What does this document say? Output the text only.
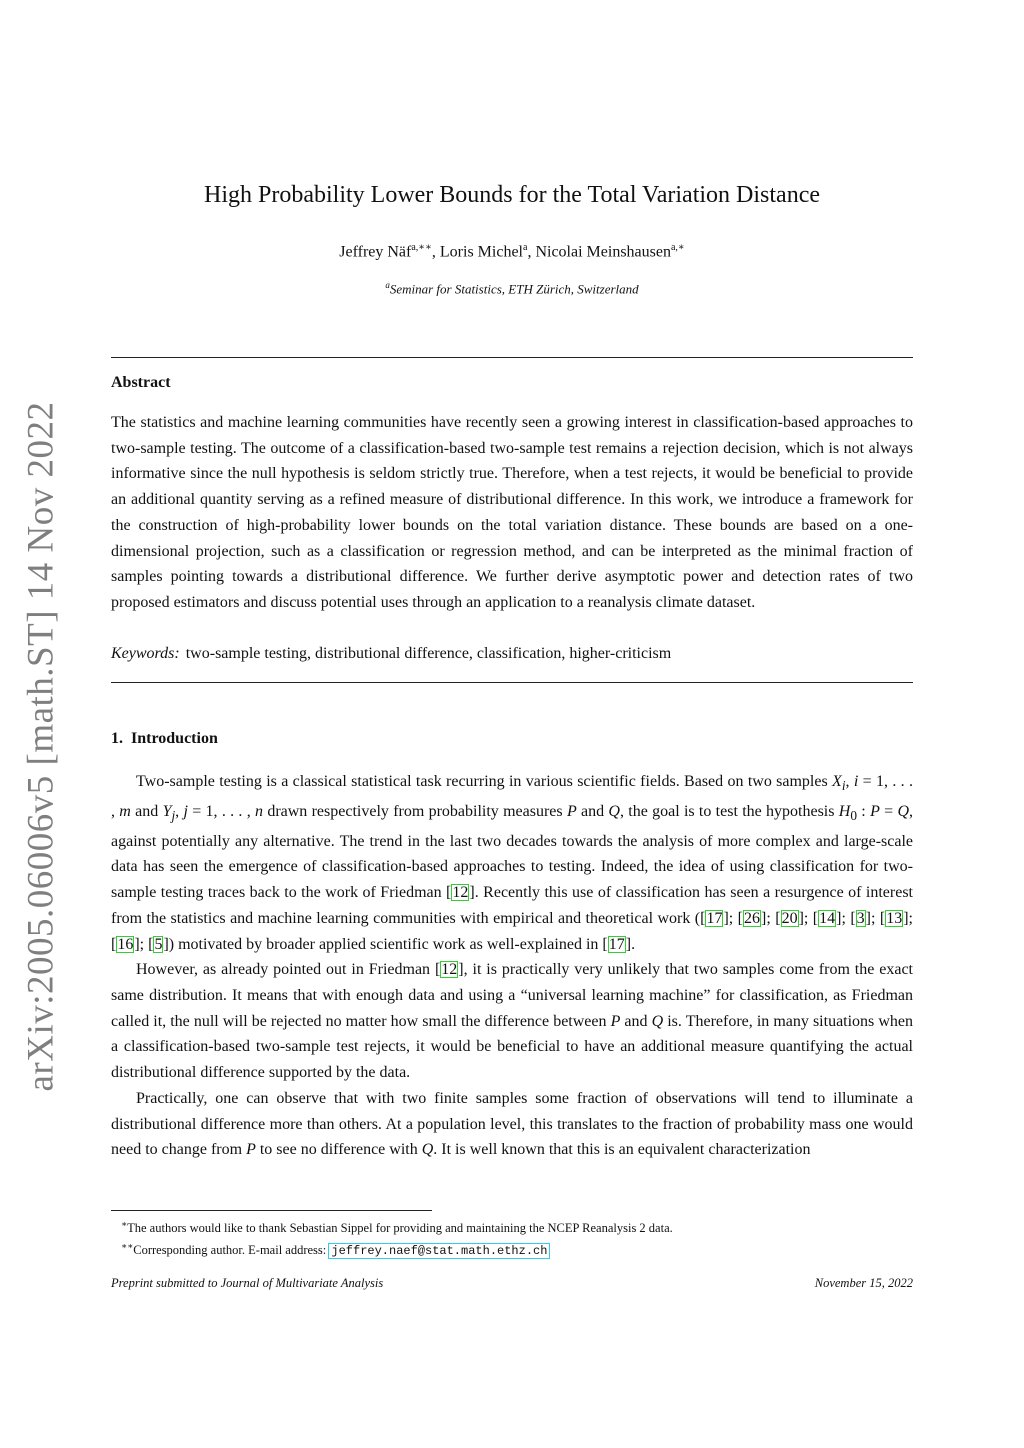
arXiv:2005.06006v5 [math.ST] 14 Nov 2022
High Probability Lower Bounds for the Total Variation Distance
Jeffrey Näf$^{a,∗∗}$, Loris Michel$^a$, Nicolai Meinshausen$^{a,∗}$
$^a$Seminar for Statistics, ETH Zürich, Switzerland
Abstract

The statistics and machine learning communities have recently seen a growing interest in classification-based approaches to two-sample testing. The outcome of a classification-based two-sample test remains a rejection decision, which is not always informative since the null hypothesis is seldom strictly true. Therefore, when a test rejects, it would be beneficial to provide an additional quantity serving as a refined measure of distributional difference. In this work, we introduce a framework for the construction of high-probability lower bounds on the total variation distance. These bounds are based on a one-dimensional projection, such as a classification or regression method, and can be interpreted as the minimal fraction of samples pointing towards a distributional difference. We further derive asymptotic power and detection rates of two proposed estimators and discuss potential uses through an application to a reanalysis climate dataset.

Keywords: two-sample testing, distributional difference, classification, higher-criticism
1. Introduction

Two-sample testing is a classical statistical task recurring in various scientific fields. Based on two samples $X_i$, i = 1, . . . , m and $Y_j$, j = 1, . . . , n drawn respectively from probability measures P and Q, the goal is to test the hypothesis $H_0$ : P = Q, against potentially any alternative. The trend in the last two decades towards the analysis of more complex and large-scale data has seen the emergence of classification-based approaches to testing. Indeed, the idea of using classification for two-sample testing traces back to the work of Friedman [12]. Recently this use of classification has seen a resurgence of interest from the statistics and machine learning communities with empirical and theoretical work ([17]; [26]; [20]; [14]; [3]; [13]; [16]; [5]) motivated by broader applied scientific work as well-explained in [17].

However, as already pointed out in Friedman [12], it is practically very unlikely that two samples come from the exact same distribution. It means that with enough data and using a “universal learning machine” for classification, as Friedman called it, the null will be rejected no matter how small the difference between P and Q is. Therefore, in many situations when a classification-based two-sample test rejects, it would be beneficial to have an additional measure quantifying the actual distributional difference supported by the data.

Practically, one can observe that with two finite samples some fraction of observations will tend to illuminate a distributional difference more than others. At a population level, this translates to the fraction of probability mass one would need to change from P to see no difference with Q. It is well known that this is an equivalent characterization

∗The authors would like to thank Sebastian Sippel for providing and maintaining the NCEP Reanalysis 2 data.
∗∗Corresponding author. E-mail address: jeffrey.naef@stat.math.ethz.ch
Preprint submitted to Journal of Multivariate Analysis	November 15, 2022
